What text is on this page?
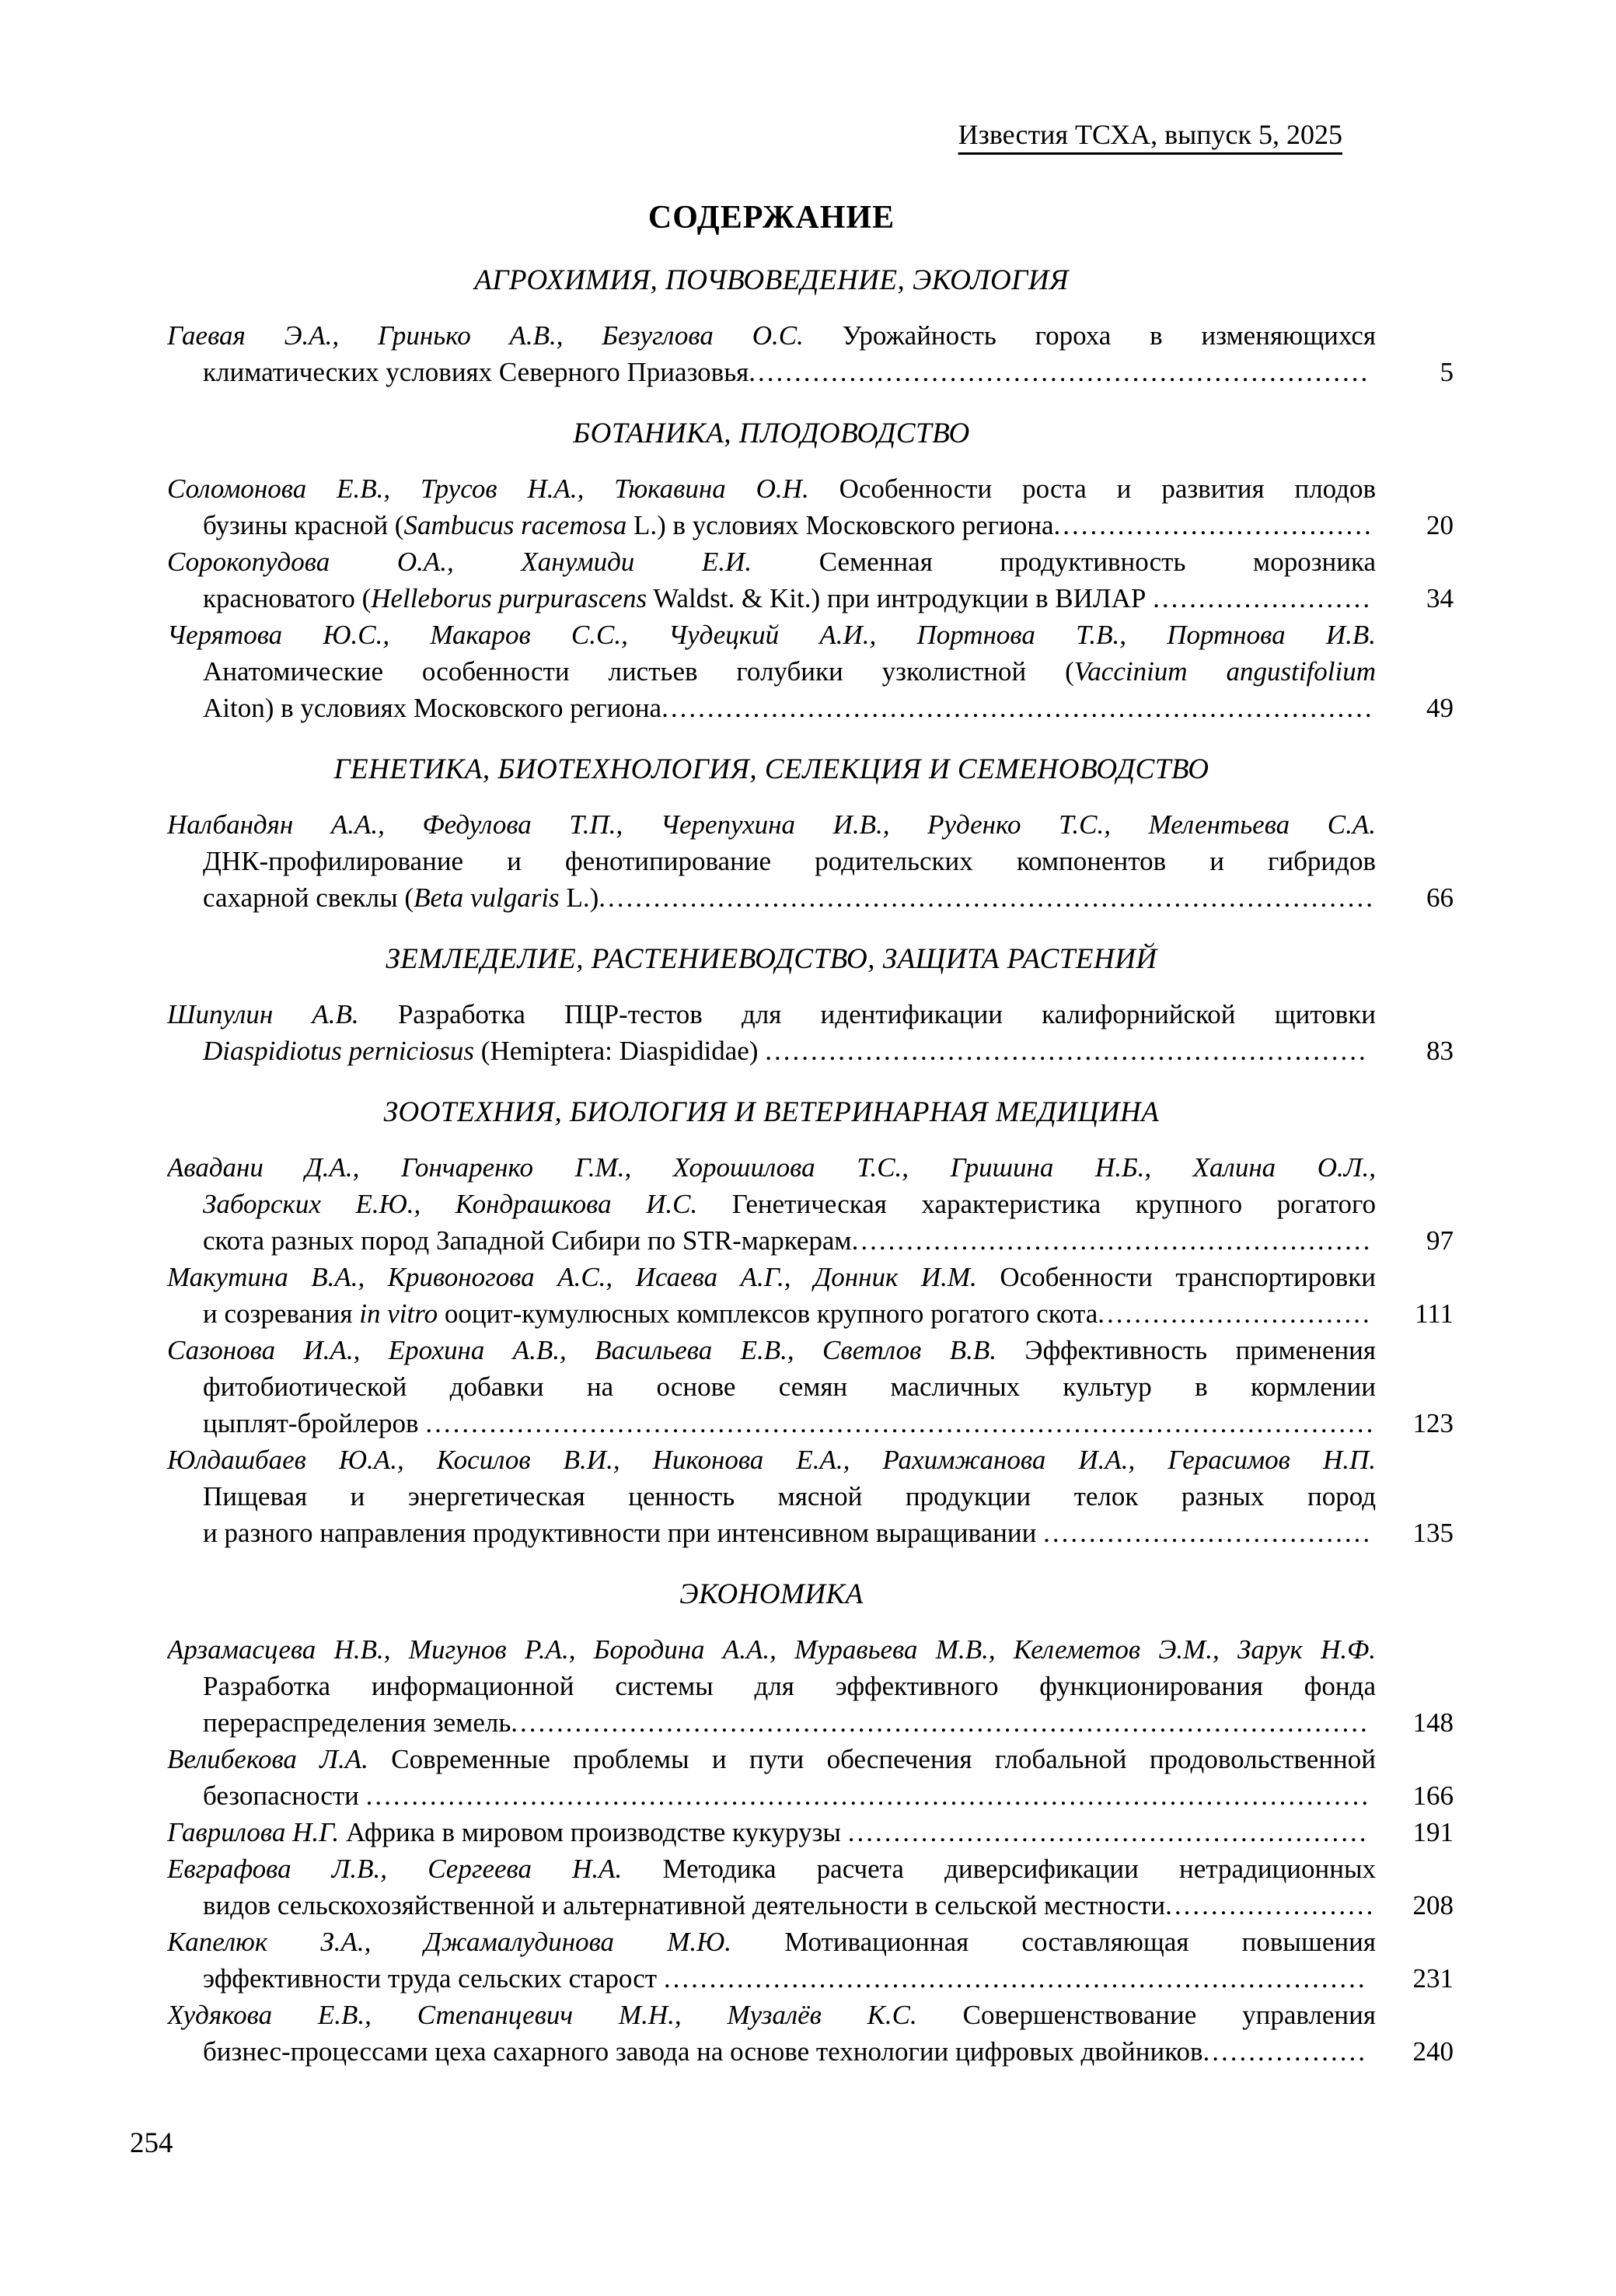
Известия ТСХА, выпуск 5, 2025
СОДЕРЖАНИЕ
АГРОХИМИЯ, ПОЧВОВЕДЕНИЕ, ЭКОЛОГИЯ
Гаевая Э.А., Гринько А.В., Безуглова О.С. Урожайность гороха в изменяющихся
климатических условиях Северного Приазовья....................................................................	5
БОТАНИКА, ПЛОДОВОДСТВО
Соломонова Е.В., Трусов Н.А., Тюкавина О.Н. Особенности роста и развития плодов
бузины красной (Sambucus racemosa L.) в условиях Московского региона...................................	20
Сорокопудова О.А., Ханумиди Е.И. Семенная продуктивность морозника
красноватого (Helleborus purpurascens Waldst. & Kit.) при интродукции в ВИЛАР ........................	34
Черятова Ю.С., Макаров С.С., Чудецкий А.И., Портнова Т.В., Портнова И.В.
Анатомические особенности листьев голубики узколистной (Vaccinium angustifolium
Aiton) в условиях Московского региона..............................................................................	49
ГЕНЕТИКА, БИОТЕХНОЛОГИЯ, СЕЛЕКЦИЯ И СЕМЕНОВОДСТВО
Налбандян А.А., Федулова Т.П., Черепухина И.В., Руденко Т.С., Мелентьева С.А.
ДНК-профилирование и фенотипирование родительских компонентов и гибридов
сахарной свеклы (Beta vulgaris L.).....................................................................................	66
ЗЕМЛЕДЕЛИЕ, РАСТЕНИЕВОДСТВО, ЗАЩИТА РАСТЕНИЙ
Шипулин А.В. Разработка ПЦР-тестов для идентификации калифорнийской щитовки
Diaspidiotus perniciosus (Hemiptera: Diaspididae) ..................................................................	83
ЗООТЕХНИЯ, БИОЛОГИЯ И ВЕТЕРИНАРНАЯ МЕДИЦИНА
Авадани Д.А., Гончаренко Г.М., Хорошилова Т.С., Гришина Н.Б., Халина О.Л.,
Заборских Е.Ю., Кондрашкова И.С. Генетическая характеристика крупного рогатого
скота разных пород Западной Сибири по STR-маркерам.........................................................	97
Макутина В.А., Кривоногова А.С., Исаева А.Г., Донник И.М. Особенности транспортировки
и созревания in vitro ооцит-кумулюсных комплексов крупного рогатого скота..............................	111
Сазонова И.А., Ерохина А.В., Васильева Е.В., Светлов В.В. Эффективность применения
фитобиотической добавки на основе семян масличных культур в кормлении
цыплят-бройлеров ........................................................................................................	123
Юлдашбаев Ю.А., Косилов В.И., Никонова Е.А., Рахимжанова И.А., Герасимов Н.П.
Пищевая и энергетическая ценность мясной продукции телок разных пород
и разного направления продуктивности при интенсивном выращивании ....................................	135
ЭКОНОМИКА
Арзамасцева Н.В., Мигунов Р.А., Бородина А.А., Муравьева М.В., Келеметов Э.М., Зарук Н.Ф.
Разработка информационной системы для эффективного функционирования фонда
перераспределения земель..............................................................................................	148
Велибекова Л.А. Современные проблемы и пути обеспечения глобальной продовольственной
безопасности ..............................................................................................................	166
Гаврилова Н.Г. Африка в мировом производстве кукурузы .........................................................	191
Евграфова Л.В., Сергеева Н.А. Методика расчета диверсификации нетрадиционных
видов сельскохозяйственной и альтернативной деятельности в сельской местности.......................	208
Капелюк З.А., Джамалудинова М.Ю. Мотивационная составляющая повышения
эффективности труда сельских старост .............................................................................	231
Худякова Е.В., Степанцевич М.Н., Музалёв К.С. Совершенствование управления
бизнес-процессами цеха сахарного завода на основе технологии цифровых двойников..................	240
254
